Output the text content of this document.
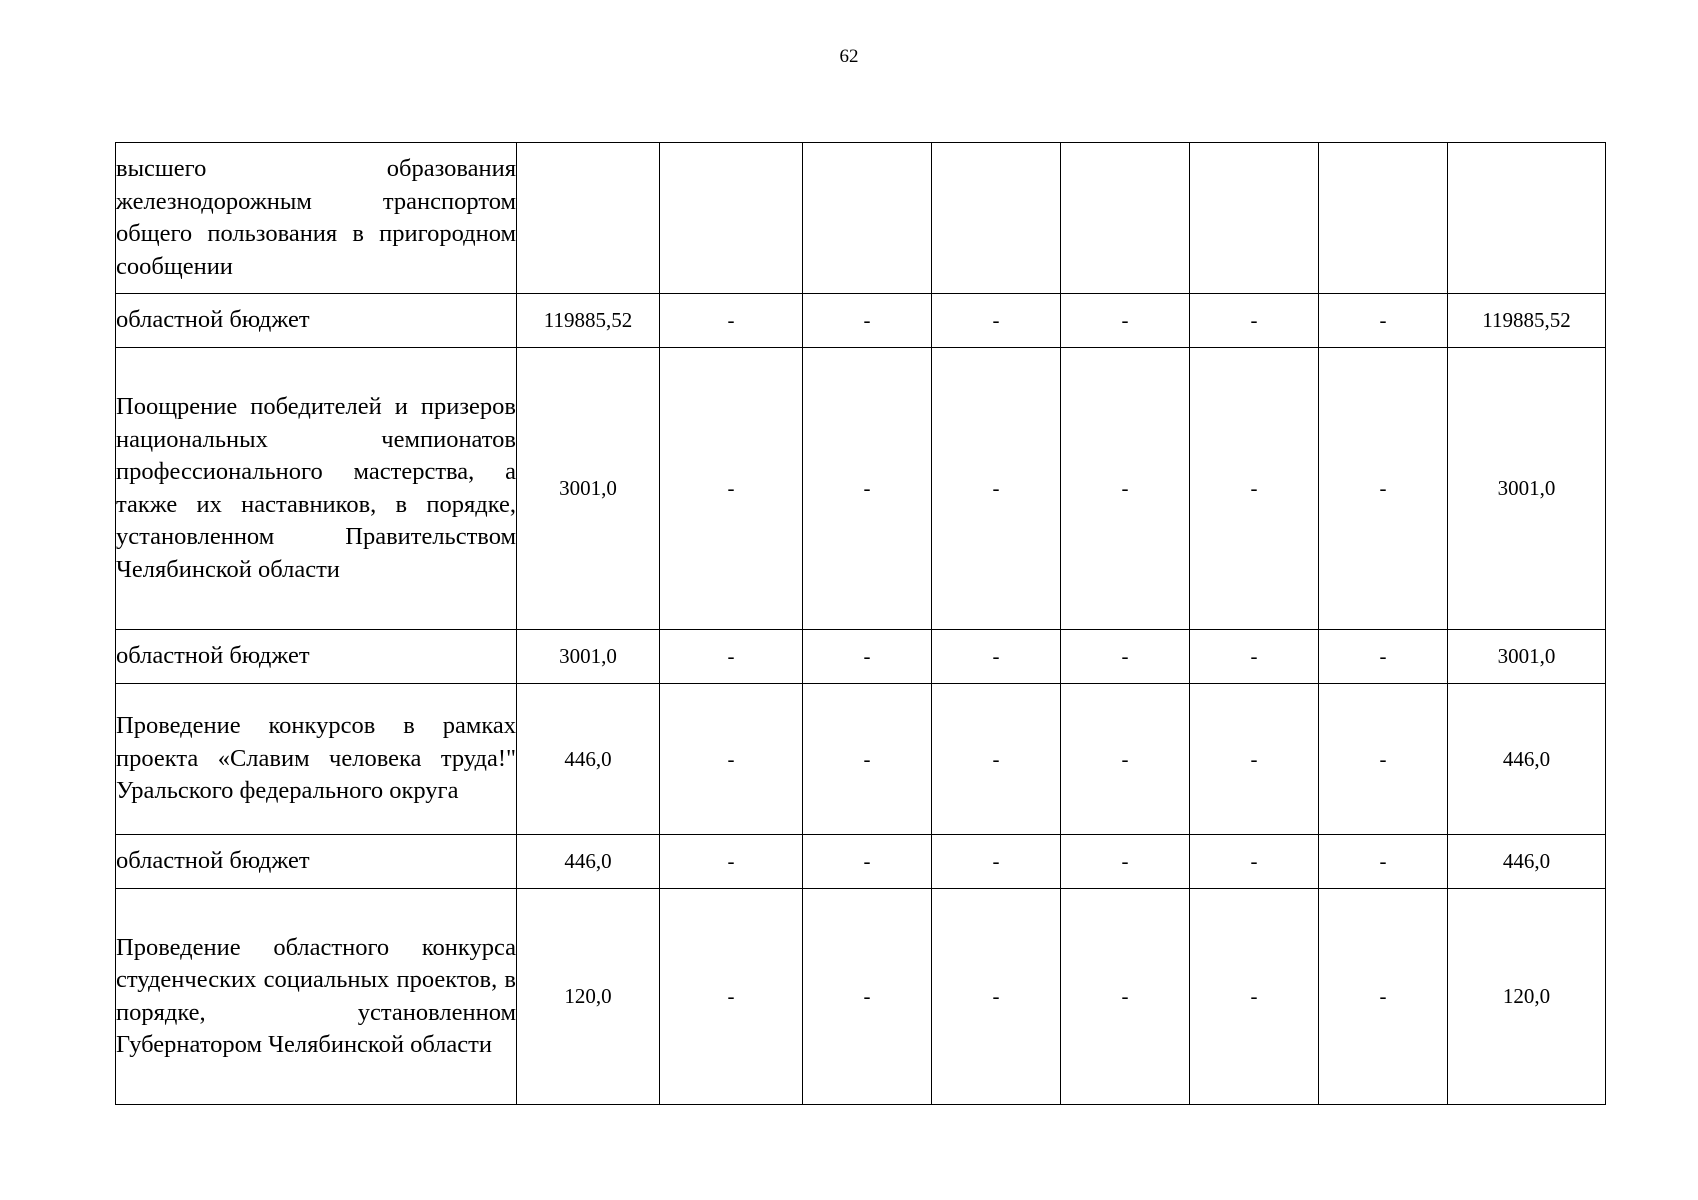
62
высшего образования железнодорожным транспортом общего пользования в пригородном сообщении								
областной бюджет	119885,52	-	-	-	-	-	-	119885,52
Поощрение победителей и призеров национальных чемпионатов профессионального мастерства, а также их наставников, в порядке, установленном Правительством Челябинской области	3001,0	-	-	-	-	-	-	3001,0
областной бюджет	3001,0	-	-	-	-	-	-	3001,0
Проведение конкурсов в рамках проекта «Славим человека труда!" Уральского федерального округа	446,0	-	-	-	-	-	-	446,0
областной бюджет	446,0	-	-	-	-	-	-	446,0
Проведение областного конкурса студенческих социальных проектов, в порядке, установленном Губернатором Челябинской области	120,0	-	-	-	-	-	-	120,0
